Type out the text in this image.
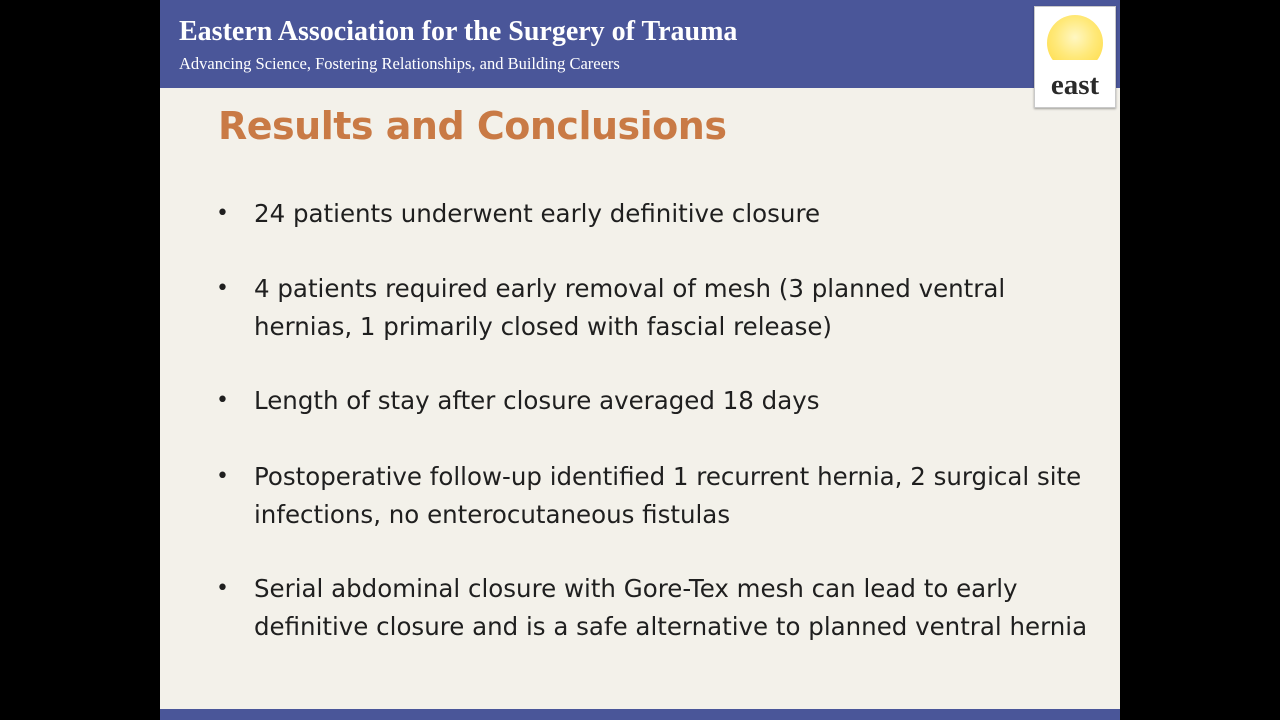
Eastern Association for the Surgery of Trauma
Advancing Science, Fostering Relationships, and Building Careers
east
Results and Conclusions
• 24 patients underwent early definitive closure
• 4 patients required early removal of mesh (3 planned ventral hernias, 1 primarily closed with fascial release)
• Length of stay after closure averaged 18 days
• Postoperative follow-up identified 1 recurrent hernia, 2 surgical site infections, no enterocutaneous fistulas
• Serial abdominal closure with Gore-Tex mesh can lead to early definitive closure and is a safe alternative to planned ventral hernia
